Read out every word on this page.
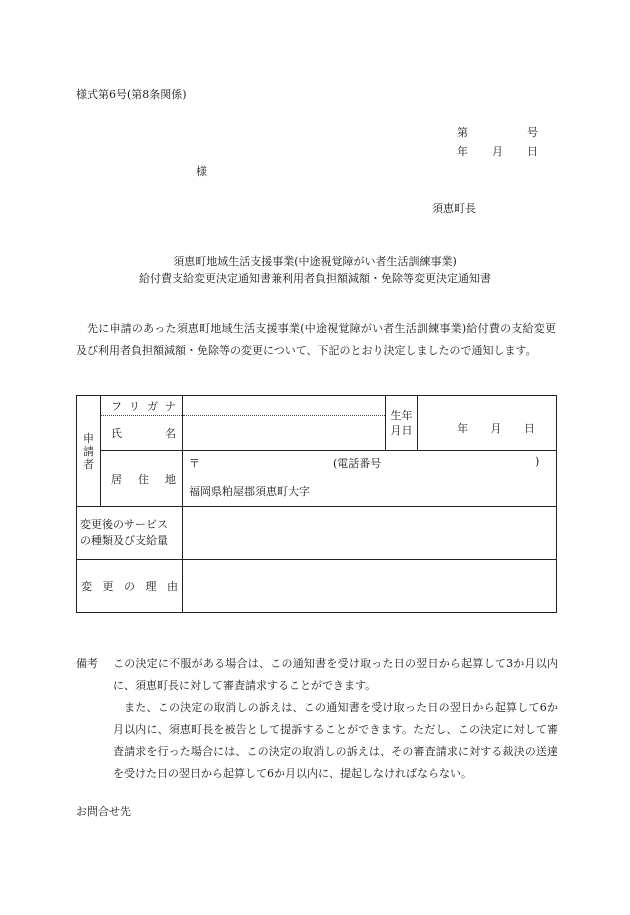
様式第6号(第8条関係)
第	号
年 月 日
様
須恵町長
須恵町地域生活支援事業(中途視覚障がい者生活訓練事業)
給付費支給変更決定通知書兼利用者負担額減額・免除等変更決定通知書

先に申請のあった須恵町地域生活支援事業(中途視覚障がい者生活訓練事業)給付費の支給変更及び利用者負担額減額・免除等の変更について、下記のとおり決定しましたので通知します。

申請者	フ リ ガ ナ		生年月日	年 月 日

	氏 名			

	居 住 地	〒 (電話番号 )
福岡県粕屋郡須恵町大字		

変更後のサービス
の種類及び支給量				

変 更 の 理 由				

備考	この決定に不服がある場合は、この通知書を受け取った日の翌日から起算して3か月以内に、須恵町長に対して審査請求することができます。
また、この決定の取消しの訴えは、この通知書を受け取った日の翌日から起算して6か月以内に、須恵町長を被告として提訴することができます。ただし、この決定に対して審査請求を行った場合には、この決定の取消しの訴えは、その審査請求に対する裁決の送達を受けた日の翌日から起算して6か月以内に、提起しなければならない。
お問合せ先
